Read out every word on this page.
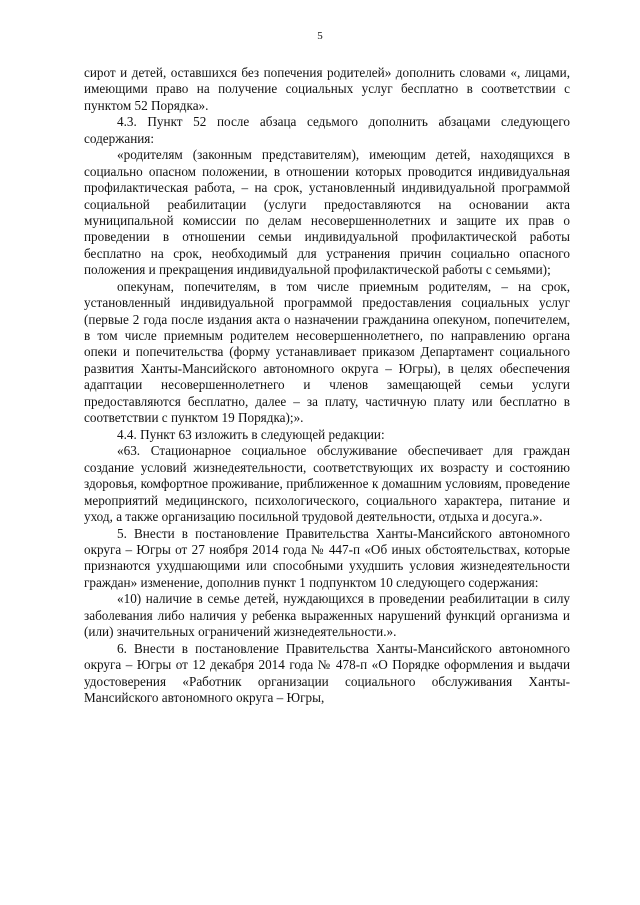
5

сирот и детей, оставшихся без попечения родителей» дополнить словами «, лицами, имеющими право на получение социальных услуг бесплатно в соответствии с пунктом 52 Порядка».

4.3. Пункт 52 после абзаца седьмого дополнить абзацами следующего содержания:

«родителям (законным представителям), имеющим детей, находящихся в социально опасном положении, в отношении которых проводится индивидуальная профилактическая работа, – на срок, установленный индивидуальной программой социальной реабилитации (услуги предоставляются на основании акта муниципальной комиссии по делам несовершеннолетних и защите их прав о проведении в отношении семьи индивидуальной профилактической работы бесплатно на срок, необходимый для устранения причин социально опасного положения и прекращения индивидуальной профилактической работы с семьями);

опекунам, попечителям, в том числе приемным родителям, – на срок, установленный индивидуальной программой предоставления социальных услуг (первые 2 года после издания акта о назначении гражданина опекуном, попечителем, в том числе приемным родителем несовершеннолетнего, по направлению органа опеки и попечительства (форму устанавливает приказом Департамент социального развития Ханты-Мансийского автономного округа – Югры), в целях обеспечения адаптации несовершеннолетнего и членов замещающей семьи услуги предоставляются бесплатно, далее – за плату, частичную плату или бесплатно в соответствии с пунктом 19 Порядка);».

4.4. Пункт 63 изложить в следующей редакции:

«63. Стационарное социальное обслуживание обеспечивает для граждан создание условий жизнедеятельности, соответствующих их возрасту и состоянию здоровья, комфортное проживание, приближенное к домашним условиям, проведение мероприятий медицинского, психологического, социального характера, питание и уход, а также организацию посильной трудовой деятельности, отдыха и досуга.».

5. Внести в постановление Правительства Ханты-Мансийского автономного округа – Югры от 27 ноября 2014 года № 447-п «Об иных обстоятельствах, которые признаются ухудшающими или способными ухудшить условия жизнедеятельности граждан» изменение, дополнив пункт 1 подпунктом 10 следующего содержания:

«10) наличие в семье детей, нуждающихся в проведении реабилитации в силу заболевания либо наличия у ребенка выраженных нарушений функций организма и (или) значительных ограничений жизнедеятельности.».

6. Внести в постановление Правительства Ханты-Мансийского автономного округа – Югры от 12 декабря 2014 года № 478-п «О Порядке оформления и выдачи удостоверения «Работник организации социального обслуживания Ханты-Мансийского автономного округа – Югры,
